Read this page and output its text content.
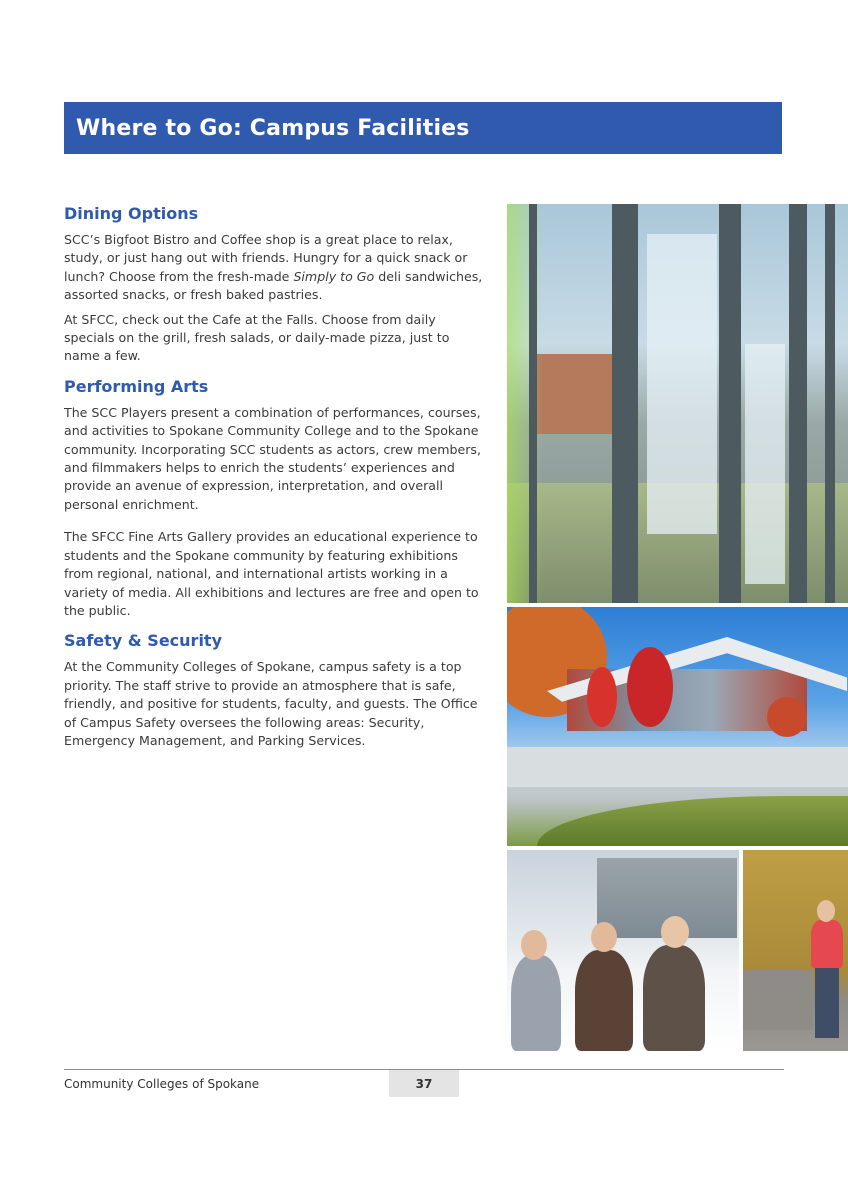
Where to Go: Campus Facilities
Dining Options

SCC’s Bigfoot Bistro and Coffee shop is a great place to relax, study, or just hang out with friends. Hungry for a quick snack or lunch? Choose from the fresh-made Simply to Go deli sandwiches, assorted snacks, or fresh baked pastries.

At SFCC, check out the Cafe at the Falls. Choose from daily specials on the grill, fresh salads, or daily-made pizza, just to name a few.

Performing Arts

The SCC Players present a combination of performances, courses, and activities to Spokane Community College and to the Spokane community. Incorporating SCC students as actors, crew members, and filmmakers helps to enrich the students’ experiences and provide an avenue of expression, interpretation, and overall personal enrichment.

The SFCC Fine Arts Gallery provides an educational experience to students and the Spokane community by featuring exhibitions from regional, national, and international artists working in a variety of media. All exhibitions and lectures are free and open to the public.

Safety & Security

At the Community Colleges of Spokane, campus safety is a top priority. The staff strive to provide an atmosphere that is safe, friendly, and positive for students, faculty, and guests. The Office of Campus Safety oversees the following areas: Security, Emergency Management, and Parking Services.

Community Colleges of Spokane	37
